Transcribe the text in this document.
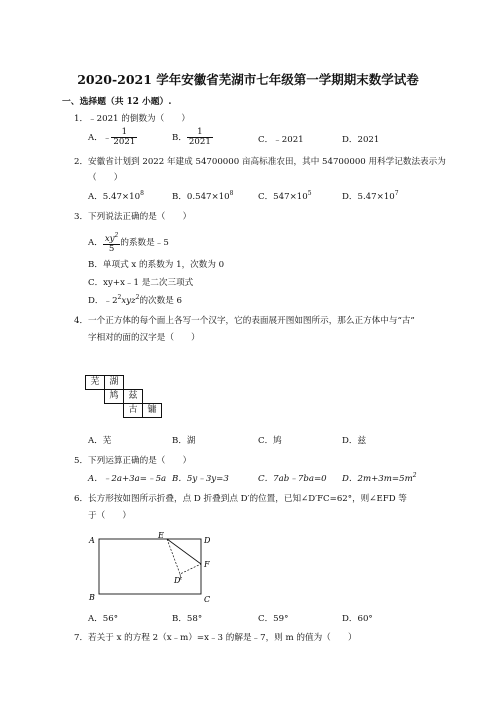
2020-2021 学年安徽省芜湖市七年级第一学期期末数学试卷
一、选择题（共 12 小题）.
1．﹣2021 的倒数为（　　）
A．﹣ $\frac{1}{2021}$	B． $\frac{1}{2021}$	C．﹣2021	D．2021
2．安徽省计划到 2022 年建成 54700000 亩高标准农田，其中 54700000 用科学记数法表示为
（　　）
A．$5.47\times 10^8$	B．$0.547\times 10^8$	C．$547\times 10^5$	D．$5.47\times 10^7$
3．下列说法正确的是（　　）
A． $\frac{xy^2}{5}$ 的系数是﹣5
B．单项式 x 的系数为 1，次数为 0
C．xy+x﹣1 是二次三项式
D．$﹣2^2xyz^2$的次数是 6
4．一个正方体的每个面上各写一个汉字，它的表面展开图如图所示，那么正方体中与“古”
字相对的面的汉字是（　　）
芜	湖
鸠	兹
古	镛
A．芜	B．湖	C．鸠	D．兹
5．下列运算正确的是（　　）
A．﹣2a+3a=﹣5a B．5y﹣3y=3	C．7ab﹣7ba=0 D．$2m+3m=5m^2$
6．长方形按如图所示折叠，点 D 折叠到点 D′的位置，已知∠D′FC=62°，则∠EFD 等
于（　　）
A
E
D
F
D′
B	C
A．56°	B．58°	C．59°	D．60°
7．若关于 x 的方程 2（x﹣m）=x﹣3 的解是﹣7，则 m 的值为（　　）
